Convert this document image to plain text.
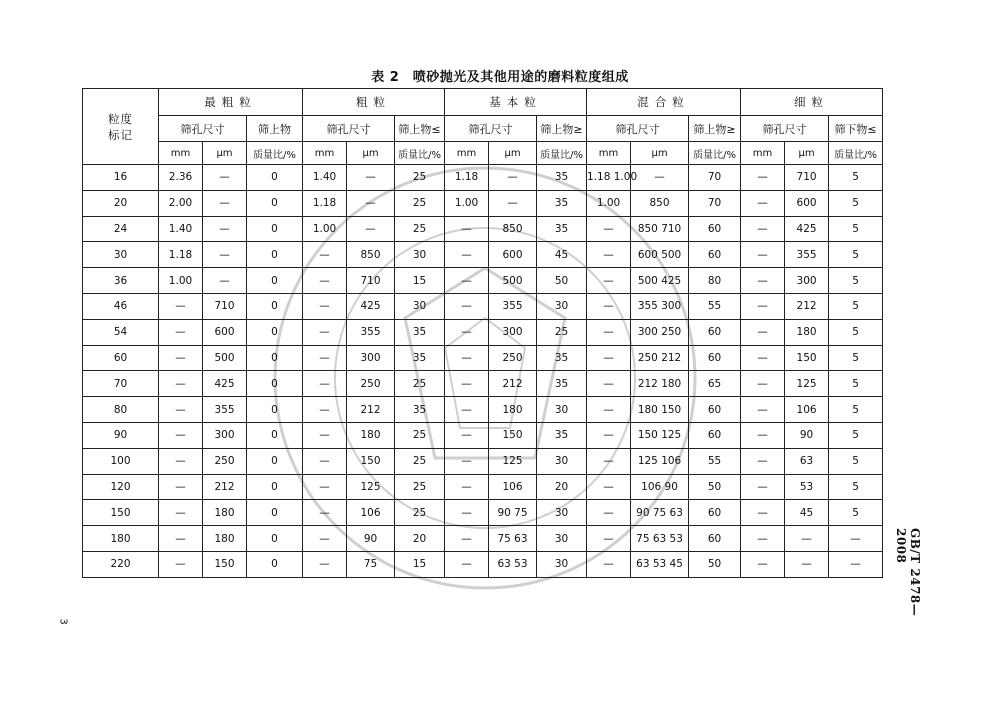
表 2　喷砂抛光及其他用途的磨料粒度组成
粒度标记	最粗粒			粗粒			基本粒			混合粒			细粒		
	筛孔尺寸		筛上物	筛孔尺寸		筛上物≤	筛孔尺寸		筛上物≥	筛孔尺寸		筛上物≥	筛孔尺寸		筛下物≤
	mm	μm	质量比/%	mm	μm	质量比/%	mm	μm	质量比/%	mm	μm	质量比/%	mm	μm	质量比/%
16	2.36	—	0	1.40	—	25	1.18	—	35	1.18 1.00	—	70	—	710	5
20	2.00	—	0	1.18	—	25	1.00	—	35	1.00	850	70	—	600	5
24	1.40	—	0	1.00	—	25	—	850	35	—	850 710	60	—	425	5
30	1.18	—	0	—	850	30	—	600	45	—	600 500	60	—	355	5
36	1.00	—	0	—	710	15	—	500	50	—	500 425	80	—	300	5
46	—	710	0	—	425	30	—	355	30	—	355 300	55	—	212	5
54	—	600	0	—	355	35	—	300	25	—	300 250	60	—	180	5
60	—	500	0	—	300	35	—	250	35	—	250 212	60	—	150	5
70	—	425	0	—	250	25	—	212	35	—	212 180	65	—	125	5
80	—	355	0	—	212	35	—	180	30	—	180 150	60	—	106	5
90	—	300	0	—	180	25	—	150	35	—	150 125	60	—	90	5
100	—	250	0	—	150	25	—	125	30	—	125 106	55	—	63	5
120	—	212	0	—	125	25	—	106	20	—	106 90	50	—	53	5
150	—	180	0	—	106	25	—	90 75	30	—	90 75 63	60	—	45	5
180	—	180	0	—	90	20	—	75 63	30	—	75 63 53	60	—	—	—
220	—	150	0	—	75	15	—	63 53	30	—	63 53 45	50	—	—	—	GB/T 2478—2008
3
